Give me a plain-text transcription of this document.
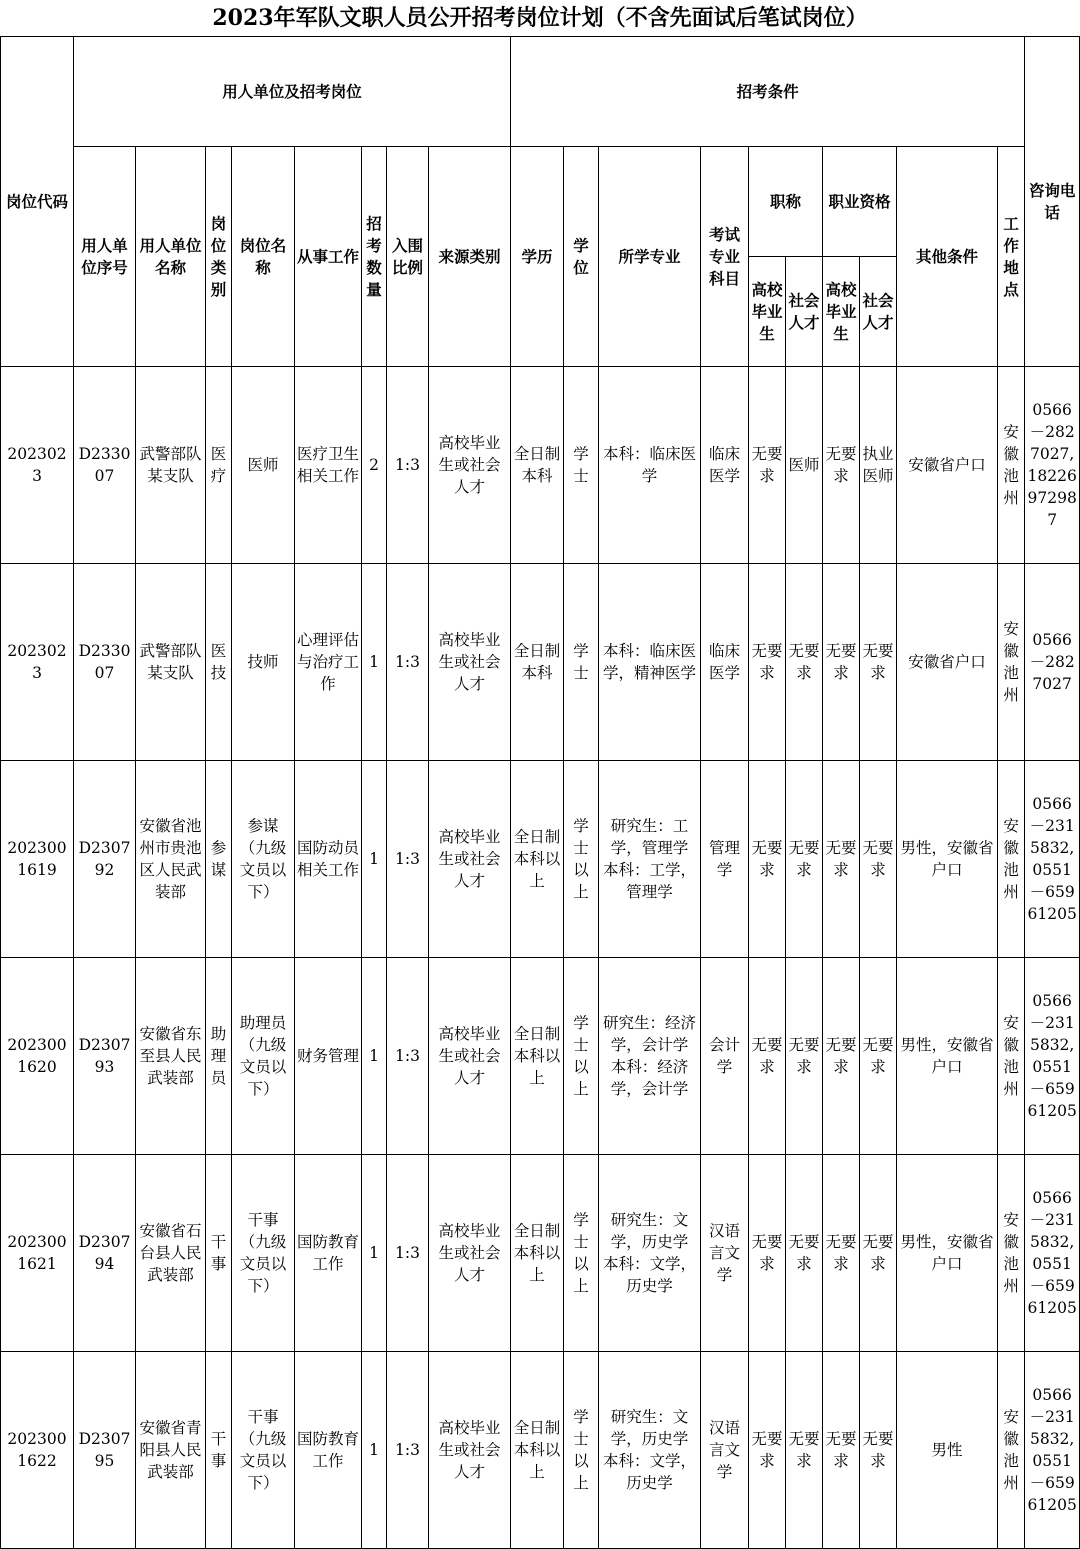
2023年军队文职人员公开招考岗位计划（不含先面试后笔试岗位）
岗位代码	用人单位及招考岗位								招考条件										咨询电话
	用人单位序号	用人单位名称	岗位类别	岗位名称	从事工作	招考数量	入围比例	来源类别	学历	学位	所学专业	考试专业科目	职称		职业资格		其他条件	工作地点	
													高校毕业生	社会人才	高校毕业生	社会人才			
2023023	D233007	武警部队某支队	医疗	医师	医疗卫生相关工作	2	1:3	高校毕业生或社会人才	全日制本科	学士	本科：临床医学	临床医学	无要求	医师	无要求	执业医师	安徽省户口	安徽池州	0566－2827027,18226972987
2023023	D233007	武警部队某支队	医技	技师	心理评估与治疗工作	1	1:3	高校毕业生或社会人才	全日制本科	学士	本科：临床医学，精神医学	临床医学	无要求	无要求	无要求	无要求	安徽省户口	安徽池州	0566－2827027
2023001619	D230792	安徽省池州市贵池区人民武装部	参谋	参谋（九级文员以下）	国防动员相关工作	1	1:3	高校毕业生或社会人才	全日制本科以上	学士以上	研究生：工学，管理学 本科：工学，管理学	管理学	无要求	无要求	无要求	无要求	男性，安徽省户口	安徽池州	0566－2315832,0551－65961205
2023001620	D230793	安徽省东至县人民武装部	助理员	助理员（九级文员以下）	财务管理	1	1:3	高校毕业生或社会人才	全日制本科以上	学士以上	研究生：经济学，会计学 本科：经济学，会计学	会计学	无要求	无要求	无要求	无要求	男性，安徽省户口	安徽池州	0566－2315832,0551－65961205
2023001621	D230794	安徽省石台县人民武装部	干事	干事（九级文员以下）	国防教育工作	1	1:3	高校毕业生或社会人才	全日制本科以上	学士以上	研究生：文学，历史学 本科：文学，历史学	汉语言文学	无要求	无要求	无要求	无要求	男性，安徽省户口	安徽池州	0566－2315832,0551－65961205
2023001622	D230795	安徽省青阳县人民武装部	干事	干事（九级文员以下）	国防教育工作	1	1:3	高校毕业生或社会人才	全日制本科以上	学士以上	研究生：文学，历史学 本科：文学，历史学	汉语言文学	无要求	无要求	无要求	无要求	男性	安徽池州	0566－2315832,0551－65961205
